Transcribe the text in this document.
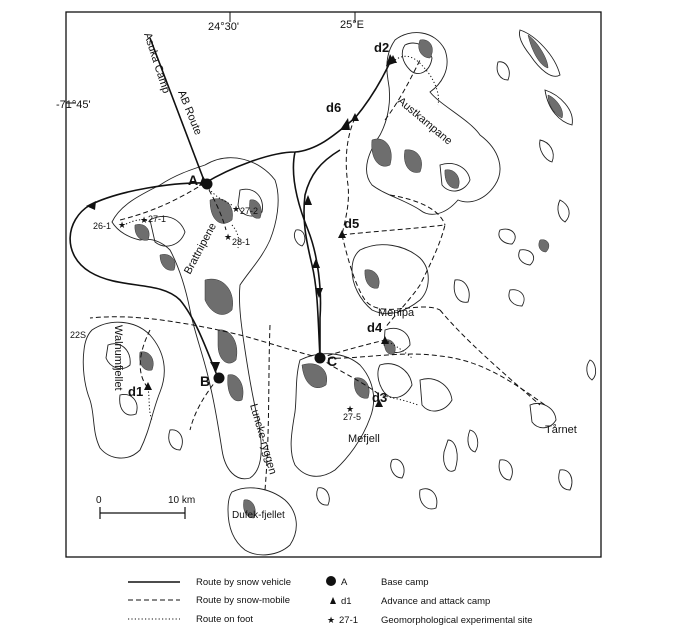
★ ★
★
★
★
24°30'	25°E
-71°45'
Asuka Camp
AB Route	Austkampane
Brattnipene
Walnumfjellet
Luncke-ryggen
Menipa
Mefjell
Tårnet
Dufek-fjellet
A
B
C
d1
d2
d3
d4
d5
d6
27-1
27-2
28-1
26-1
22S
27-5
0	10 km
Route by snow vehicle
Route by snow-mobile
Route on foot
A	Base camp
d1	Advance and attack camp
★ 27-1 Geomorphological experimental site
